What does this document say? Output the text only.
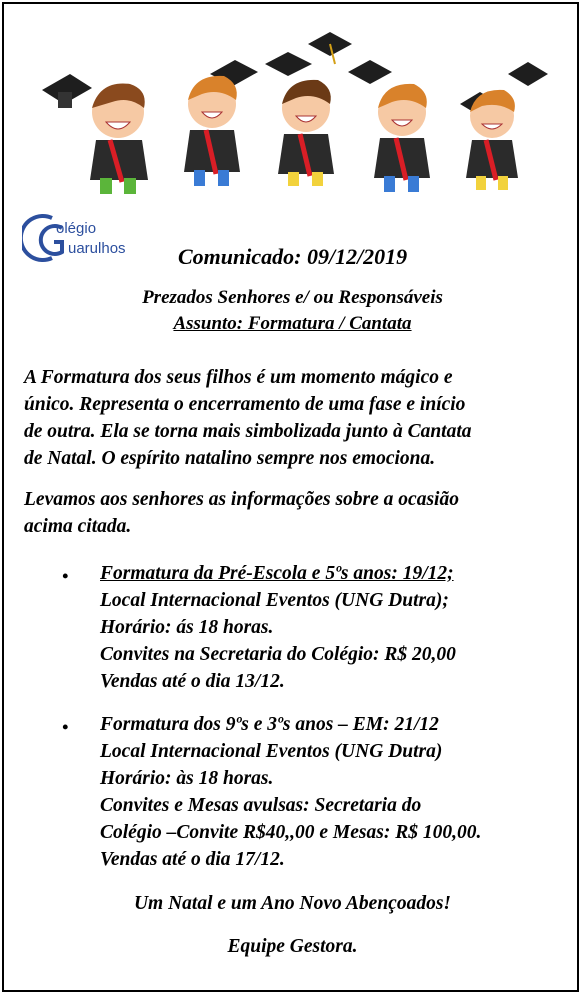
olégio
uarulhos Comunicado: 09/12/2019
Prezados Senhores e/ ou Responsáveis
Assunto: Formatura / Cantata
A Formatura dos seus filhos é um momento mágico e
único. Representa o encerramento de uma fase e início
de outra. Ela se torna mais simbolizada junto à Cantata
de Natal. O espírito natalino sempre nos emociona.
Levamos aos senhores as informações sobre a ocasião
acima citada.
• Formatura da Pré-Escola e 5ºs anos: 19/12;
Local Internacional Eventos (UNG Dutra);
Horário: ás 18 horas.
Convites na Secretaria do Colégio: R$ 20,00
Vendas até o dia 13/12.
• Formatura dos 9ºs e 3ºs anos – EM: 21/12
Local Internacional Eventos (UNG Dutra)
Horário: às 18 horas.
Convites e Mesas avulsas: Secretaria do
Colégio –Convite R$40,,00 e Mesas: R$ 100,00.
Vendas até o dia 17/12.
Um Natal e um Ano Novo Abençoados!
Equipe Gestora.
